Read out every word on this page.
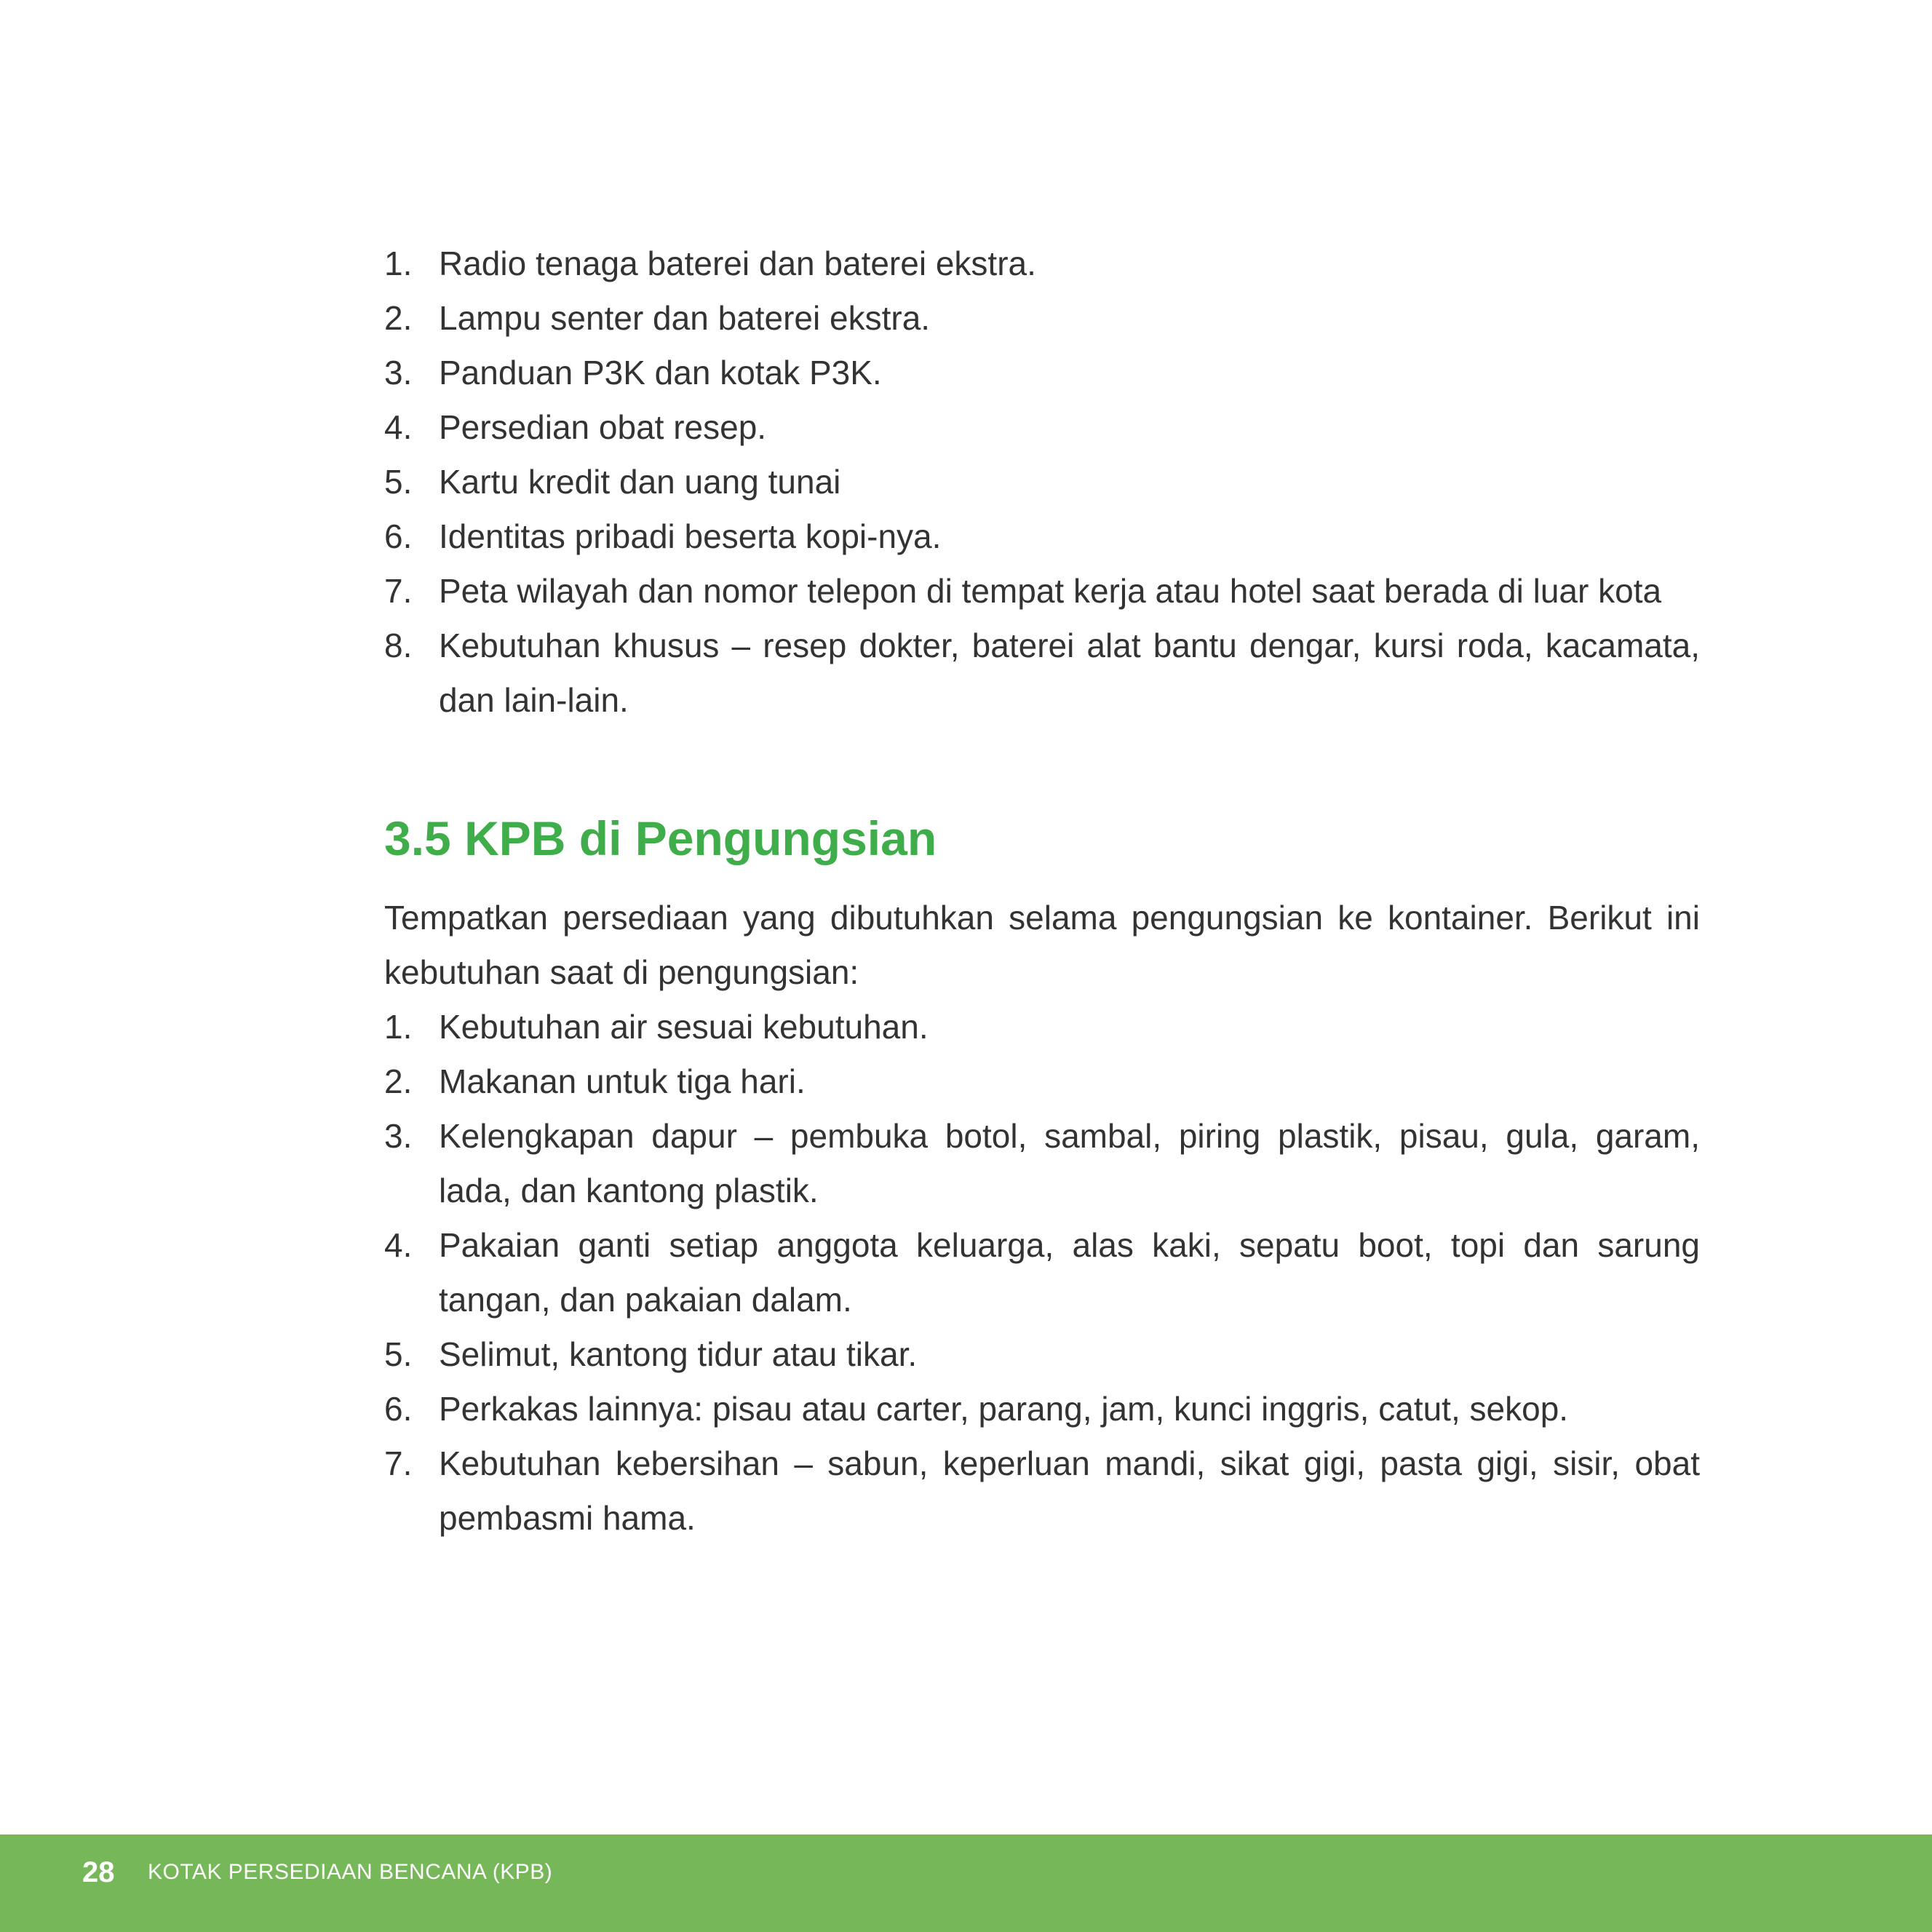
1. Radio tenaga baterei dan baterei ekstra.
2. Lampu senter dan baterei ekstra.
3. Panduan P3K dan kotak P3K.
4. Persedian obat resep.
5. Kartu kredit dan uang tunai
6. Identitas pribadi beserta kopi-nya.
7. Peta wilayah dan nomor telepon di tempat kerja atau hotel saat berada di luar kota
8. Kebutuhan khusus – resep dokter, baterei alat bantu dengar, kursi roda, kacamata, dan lain-lain.
3.5 KPB di Pengungsian

Tempatkan persediaan yang dibutuhkan selama pengungsian ke kontainer. Berikut ini kebutuhan saat di pengungsian:

1. Kebutuhan air sesuai kebutuhan.
2. Makanan untuk tiga hari.
3. Kelengkapan dapur – pembuka botol, sambal, piring plastik, pisau, gula, garam, lada, dan kantong plastik.
4. Pakaian ganti setiap anggota keluarga, alas kaki, sepatu boot, topi dan sarung tangan, dan pakaian dalam.
5. Selimut, kantong tidur atau tikar.
6. Perkakas lainnya: pisau atau carter, parang, jam, kunci inggris, catut, sekop.
7. Kebutuhan kebersihan – sabun, keperluan mandi, sikat gigi, pasta gigi, sisir, obat pembasmi hama.
28 KOTAK PERSEDIAAN BENCANA (KPB)
